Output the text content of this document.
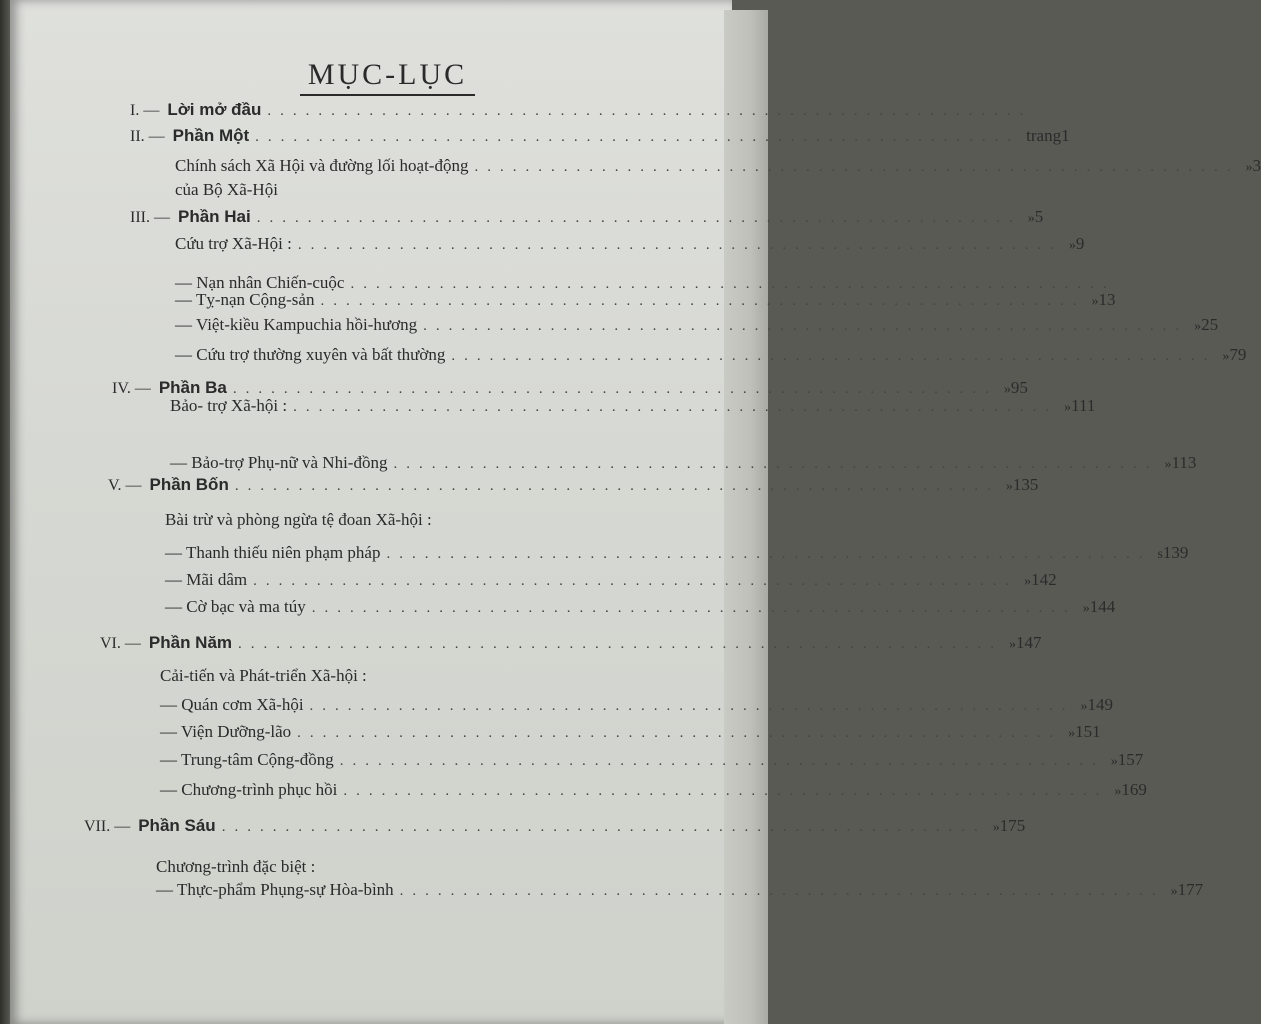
MỤC-LỤC
I. — Lời mở đầu ............................................................
II. — Phần Một ............................................................ trang 1
Chính sách Xã Hội và đường lối hoạt-động ............................................................ » 3
của Bộ Xã-Hội
III. — Phần Hai ............................................................ » 5
Cứu trợ Xã-Hội : ............................................................ » 9
— Nạn nhân Chiến-cuộc ............................................................
— Tỵ-nạn Cộng-sản ............................................................ » 13
— Việt-kiều Kampuchia hồi-hương ............................................................ » 25
— Cứu trợ thường xuyên và bất thường ............................................................ » 79
IV. — Phần Ba ............................................................ » 95
Bảo- trợ Xã-hội : ............................................................ » 111
— Bảo-trợ Phụ-nữ và Nhi-đồng ............................................................ » 113
V. — Phần Bốn ............................................................ » 135
Bài trừ và phòng ngừa tệ đoan Xã-hội :
— Thanh thiếu niên phạm pháp ............................................................ s 139
— Mãi dâm ............................................................ » 142
— Cờ bạc và ma túy ............................................................ » 144
VI. — Phần Năm ............................................................ » 147
Cải-tiến và Phát-triển Xã-hội :
— Quán cơm Xã-hội ............................................................ » 149
— Viện Dưỡng-lão ............................................................ » 151
— Trung-tâm Cộng-đồng ............................................................ » 157
— Chương-trình phục hồi ............................................................ » 169
VII. — Phần Sáu ............................................................ » 175
Chương-trình đặc biệt :
— Thực-phẩm Phụng-sự Hòa-bình ............................................................ » 177
